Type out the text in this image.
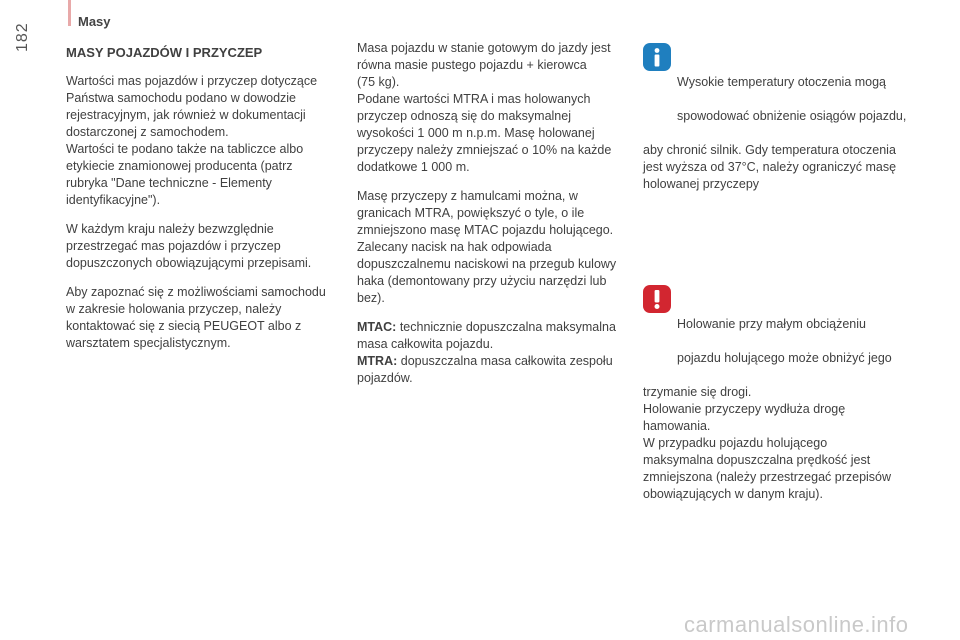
Masy
182
MASY POJAZDÓW I PRZYCZEP

Wartości mas pojazdów i przyczep dotyczące
Państwa samochodu podano w dowodzie
rejestracyjnym, jak również w dokumentacji
dostarczonej z samochodem.
Wartości te podano także na tabliczce albo
etykiecie znamionowej producenta (patrz
rubryka "Dane techniczne - Elementy
identyfikacyjne").

W każdym kraju należy bezwzględnie
przestrzegać mas pojazdów i przyczep
dopuszczonych obowiązującymi przepisami.

Aby zapoznać się z możliwościami samochodu
w zakresie holowania przyczep, należy
kontaktować się z siecią PEUGEOT albo z
warsztatem specjalistycznym.

Masa pojazdu w stanie gotowym do jazdy jest
równa masie pustego pojazdu + kierowca
(75 kg).
Podane wartości MTRA i mas holowanych
przyczep odnoszą się do maksymalnej
wysokości 1 000 m n.p.m. Masę holowanej
przyczepy należy zmniejszać o 10% na każde
dodatkowe 1 000 m.

Masę przyczepy z hamulcami można, w
granicach MTRA, powiększyć o tyle, o ile
zmniejszono masę MTAC pojazdu holującego.
Zalecany nacisk na hak odpowiada
dopuszczalnemu naciskowi na przegub kulowy
haka (demontowany przy użyciu narzędzi lub
bez).

MTAC: technicznie dopuszczalna maksymalna
masa całkowita pojazdu.

MTRA: dopuszczalna masa całkowita zespołu
pojazdów.

Wysokie temperatury otoczenia mogą

spowodować obniżenie osiągów pojazdu,

aby chronić silnik. Gdy temperatura otoczenia
jest wyższa od 37°C, należy ograniczyć masę
holowanej przyczepy

Holowanie przy małym obciążeniu

pojazdu holującego może obniżyć jego

trzymanie się drogi.
Holowanie przyczepy wydłuża drogę
hamowania.
W przypadku pojazdu holującego
maksymalna dopuszczalna prędkość jest
zmniejszona (należy przestrzegać przepisów
obowiązujących w danym kraju).

carmanualsonline.info
